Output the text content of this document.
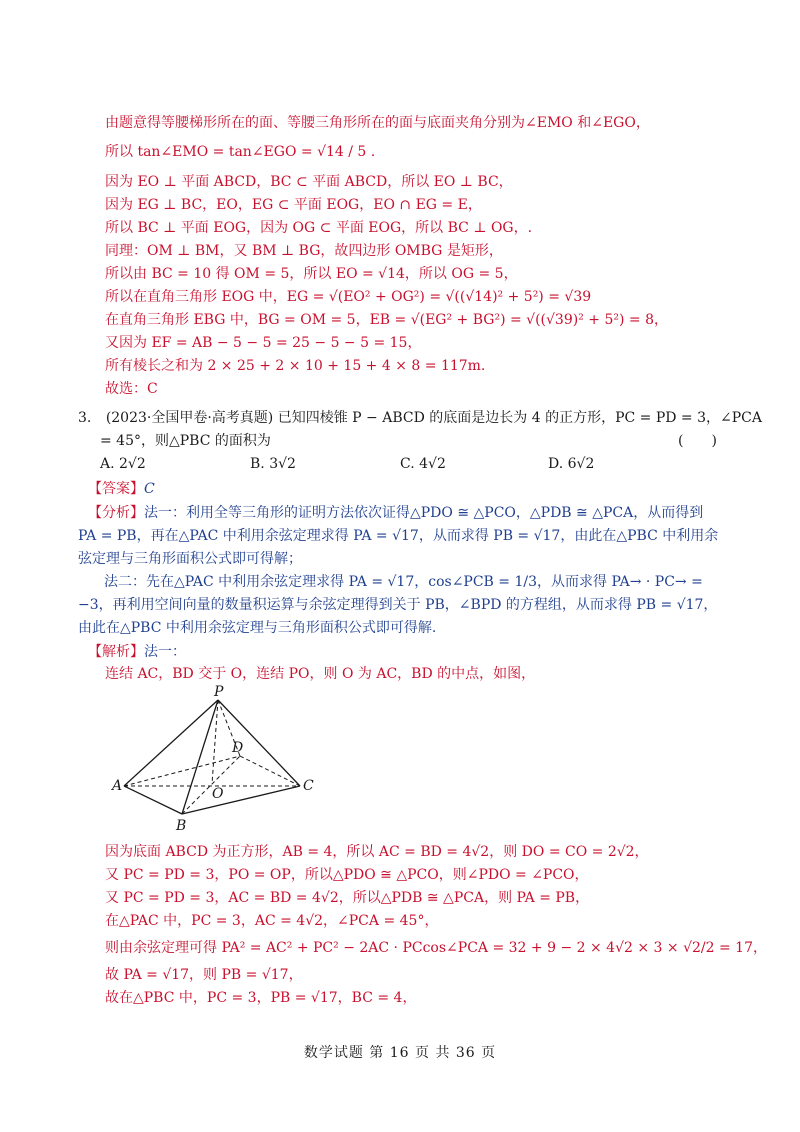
由题意得等腰梯形所在的面、等腰三角形所在的面与底面夹角分别为∠EMO 和∠EGO，
所以 tan∠EMO = tan∠EGO = √14 / 5 .
因为 EO ⊥ 平面 ABCD，BC ⊂ 平面 ABCD，所以 EO ⊥ BC，
因为 EG ⊥ BC，EO，EG ⊂ 平面 EOG，EO ∩ EG = E，
所以 BC ⊥ 平面 EOG，因为 OG ⊂ 平面 EOG，所以 BC ⊥ OG，.
同理：OM ⊥ BM，又 BM ⊥ BG，故四边形 OMBG 是矩形，
所以由 BC = 10 得 OM = 5，所以 EO = √14，所以 OG = 5，
所以在直角三角形 EOG 中，EG = √(EO² + OG²) = √((√14)² + 5²) = √39
在直角三角形 EBG 中，BG = OM = 5，EB = √(EG² + BG²) = √((√39)² + 5²) = 8，
又因为 EF = AB − 5 − 5 = 25 − 5 − 5 = 15，
所有棱长之和为 2 × 25 + 2 × 10 + 15 + 4 × 8 = 117m.
故选：C
3. (2023·全国甲卷·高考真题) 已知四棱锥 P − ABCD 的底面是边长为 4 的正方形，PC = PD = 3，∠PCA
= 45°，则△PBC 的面积为	(　　)
A. 2√2	B. 3√2	C. 4√2	D. 6√2
【答案】C
【分析】法一：利用全等三角形的证明方法依次证得△PDO ≅ △PCO，△PDB ≅ △PCA，从而得到 PA = PB，再在△PAC 中利用余弦定理求得 PA = √17，从而求得 PB = √17，由此在△PBC 中利用余弦定理与三角形面积公式即可得解；
法二：先在△PAC 中利用余弦定理求得 PA = √17，cos∠PCB = 1/3，从而求得 PA→ · PC→ = −3，再利用空间向量的数量积运算与余弦定理得到关于 PB，∠BPD 的方程组，从而求得 PB = √17，由此在△PBC 中利用余弦定理与三角形面积公式即可得解.
【解析】法一：
连结 AC，BD 交于 O，连结 PO，则 O 为 AC，BD 的中点，如图，
P
D
A	O	C
B
因为底面 ABCD 为正方形，AB = 4，所以 AC = BD = 4√2，则 DO = CO = 2√2，
又 PC = PD = 3，PO = OP，所以△PDO ≅ △PCO，则∠PDO = ∠PCO，
又 PC = PD = 3，AC = BD = 4√2，所以△PDB ≅ △PCA，则 PA = PB，
在△PAC 中，PC = 3，AC = 4√2，∠PCA = 45°，
则由余弦定理可得 PA² = AC² + PC² − 2AC · PCcos∠PCA = 32 + 9 − 2 × 4√2 × 3 × √2/2 = 17，
故 PA = √17，则 PB = √17，
故在△PBC 中，PC = 3，PB = √17，BC = 4，
数学试题 第 16 页 共 36 页
